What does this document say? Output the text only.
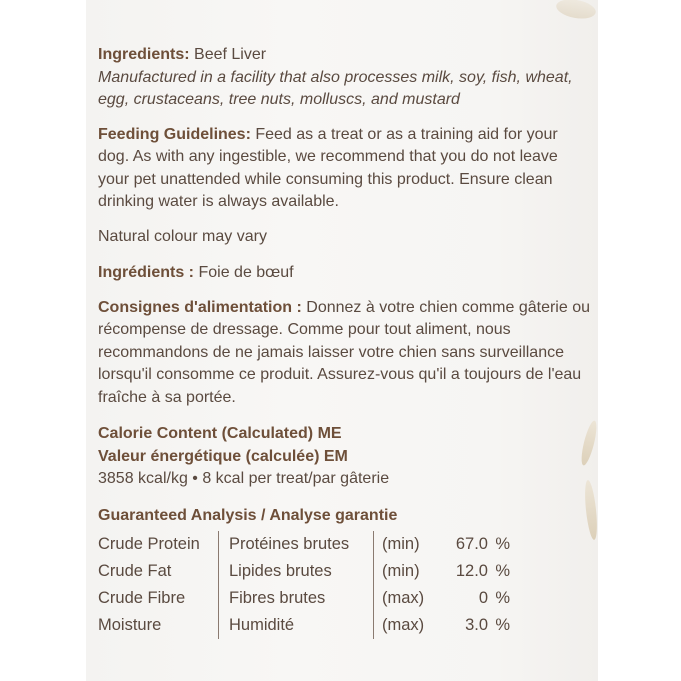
Ingredients: Beef Liver

Manufactured in a facility that also processes milk, soy, fish, wheat, egg, crustaceans, tree nuts, molluscs, and mustard

Feeding Guidelines: Feed as a treat or as a training aid for your dog. As with any ingestible, we recommend that you do not leave your pet unattended while consuming this product. Ensure clean drinking water is always available.

Natural colour may vary

Ingrédients : Foie de bœuf

Consignes d'alimentation : Donnez à votre chien comme gâterie ou récompense de dressage. Comme pour tout aliment, nous recommandons de ne jamais laisser votre chien sans surveillance lorsqu'il consomme ce produit. Assurez-vous qu'il a toujours de l'eau fraîche à sa portée.

Calorie Content (Calculated) ME

Valeur énergétique (calculée) EM

3858 kcal/kg • 8 kcal per treat/par gâterie

Guaranteed Analysis / Analyse garantie

Crude Protein	Protéines brutes	(min)	67.0	%
Crude Fat	Lipides brutes	(min)	12.0	%
Crude Fibre	Fibres brutes	(max)	0	%
Moisture	Humidité	(max)	3.0	%
